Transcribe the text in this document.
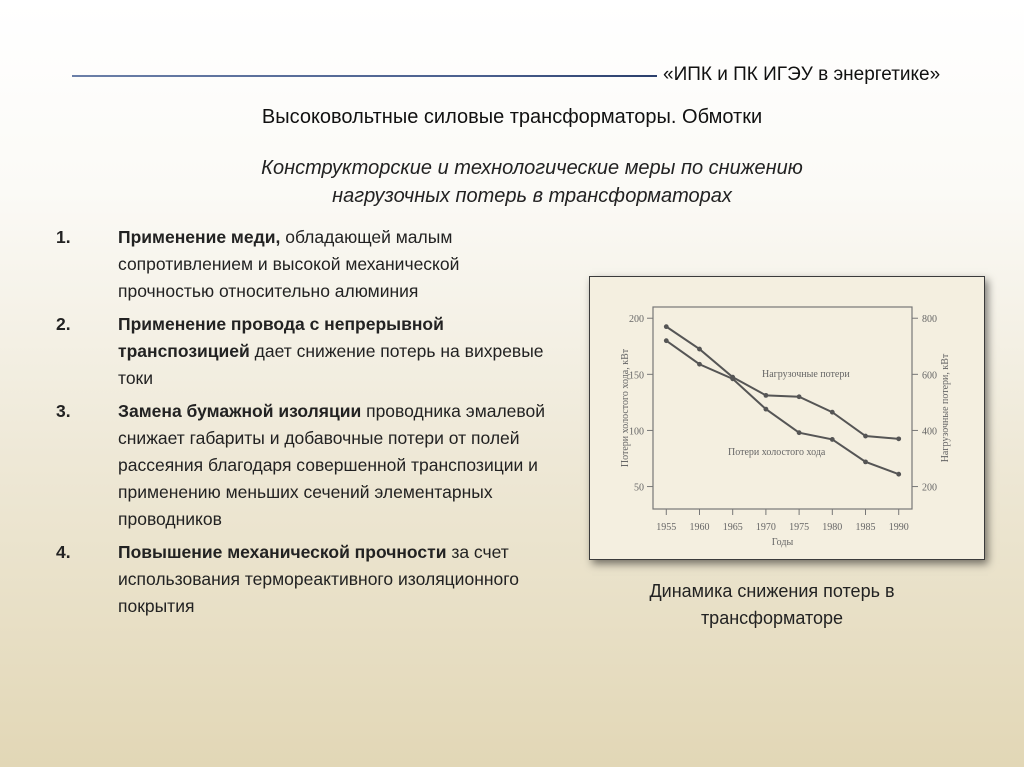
«ИПК и ПК ИГЭУ в энергетике»
Высоковольтные силовые трансформаторы. Обмотки
Конструкторские и технологические меры по снижению
нагрузочных потерь в трансформаторах
1.	Применение меди, обладающей малым сопротивлением и высокой механической прочностью относительно алюминия
2.	Применение провода с непрерывной транспозицией дает снижение потерь на вихревые токи
3.	Замена бумажной изоляции проводника эмалевой снижает габариты и добавочные потери от полей рассеяния благодаря совершенной транспозиции и применению меньших сечений элементарных проводников
4.	Повышение механической прочности за счет использования термореактивного изоляционного покрытия
200
150
100
50
800
600
400
200
1955 1960 1965 1970 1975 1980 1985 1990
Годы
Потери холостого хода, кВт	Нагрузочные потери, кВт
Нагрузочные потери
Потери холостого хода
Динамика снижения потерь в
трансформаторе
